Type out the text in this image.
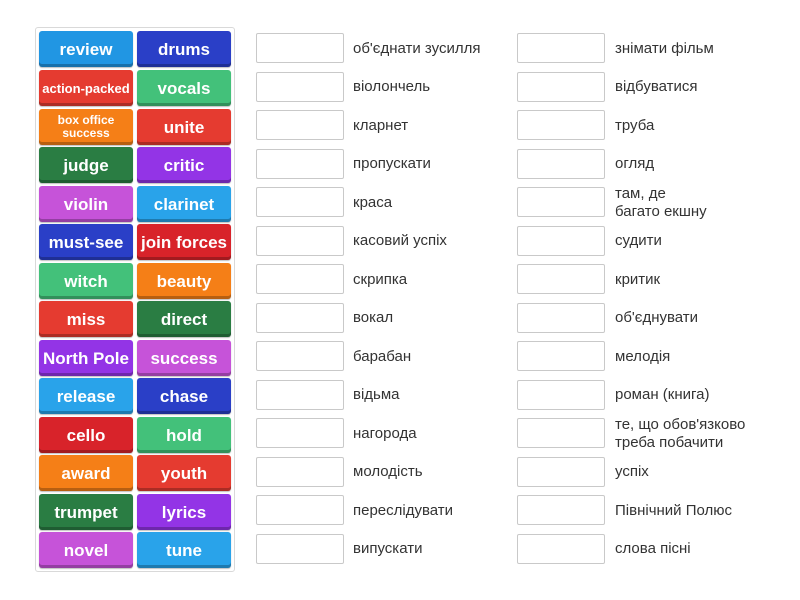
review
action-packed
box office success
judge
violin
must-see
witch
miss
North Pole
release
cello
award
trumpet
novel
drums
vocals
unite
critic
clarinet
join forces
beauty
direct
success
chase
hold
youth
lyrics
tune
об'єднати зусилля
віолончель
кларнет
пропускати
краса
касовий успіх
скрипка
вокал
барабан
відьма
нагорода
молодість
переслідувати
випускати
знімати фільм
відбуватися
труба
огляд
там, де
багато екшну
судити
критик
об'єднувати
мелодія
роман (книга)
те, що обов'язково
треба побачити
успіх
Північний Полюс
слова пісні
